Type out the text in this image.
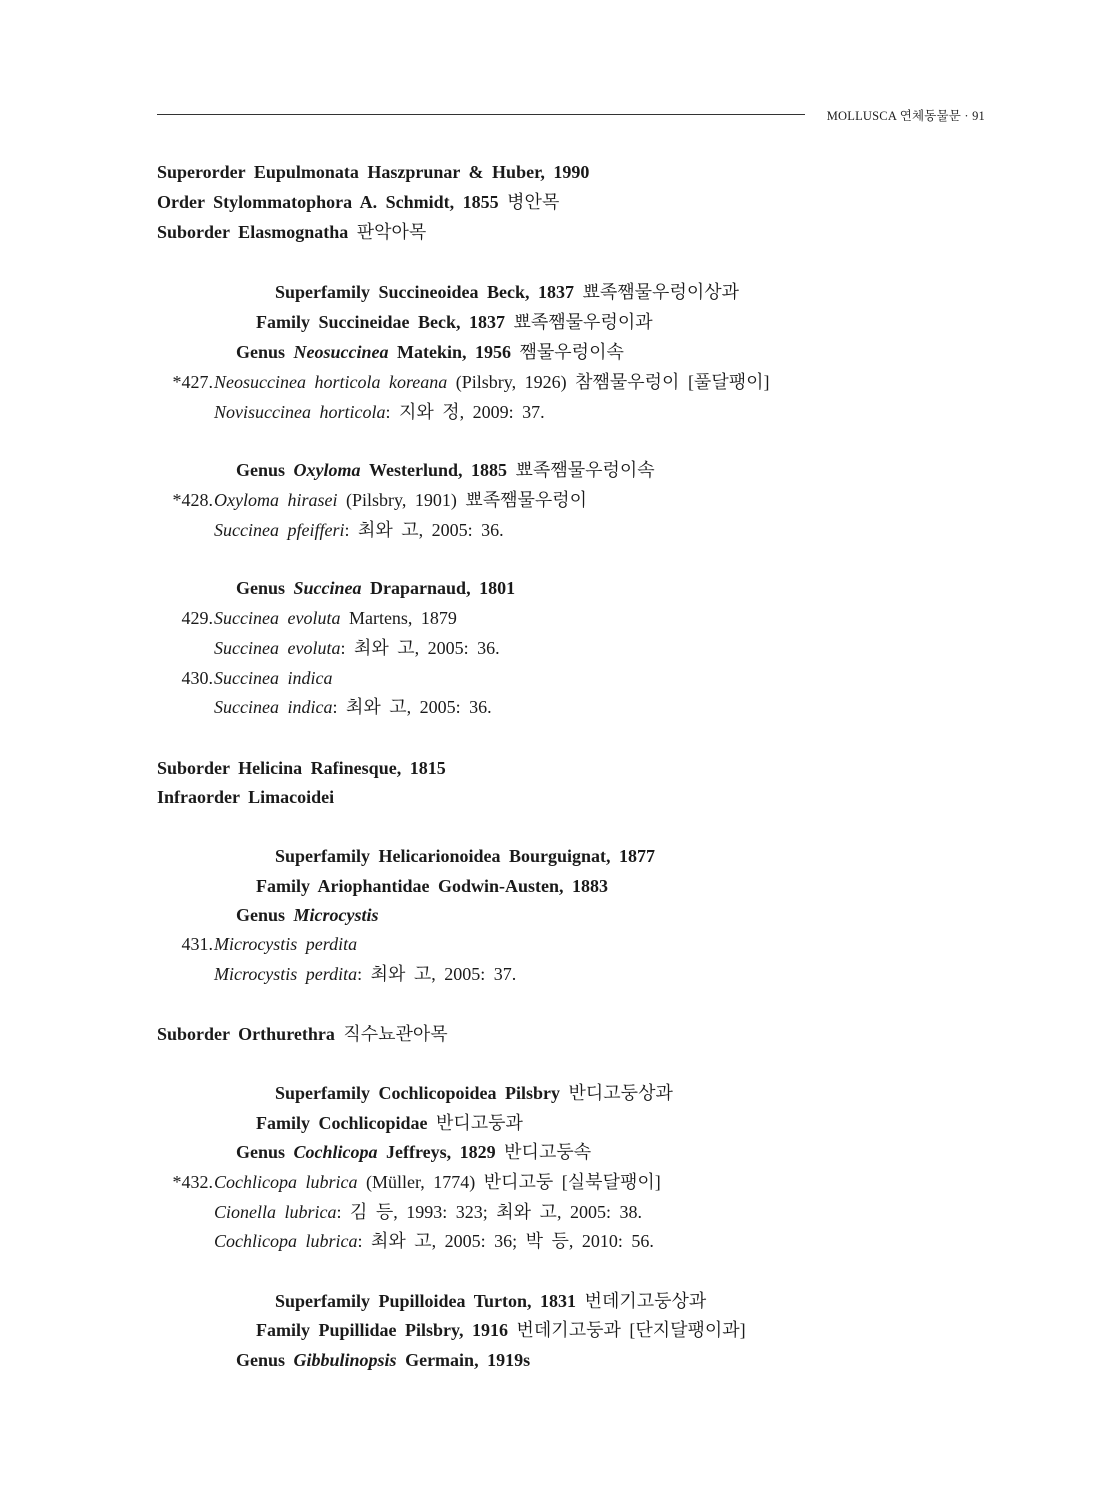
MOLLUSCA 연체동물문 · 91
Superorder Eupulmonata Haszprunar & Huber, 1990
Order Stylommatophora A. Schmidt, 1855 병안목
Suborder Elasmognatha 판악아목
Superfamily Succineoidea Beck, 1837 뾰족쨈물우렁이상과
Family Succineidae Beck, 1837 뾰족쨈물우렁이과
Genus Neosuccinea Matekin, 1956 쨈물우렁이속
*427. Neosuccinea horticola koreana (Pilsbry, 1926) 참쨈물우렁이 [풀달팽이]
Novisuccinea horticola: 지와 정, 2009: 37.
Genus Oxyloma Westerlund, 1885 뾰족쨈물우렁이속
*428. Oxyloma hirasei (Pilsbry, 1901) 뾰족쨈물우렁이
Succinea pfeifferi: 최와 고, 2005: 36.
Genus Succinea Draparnaud, 1801
429. Succinea evoluta Martens, 1879
Succinea evoluta: 최와 고, 2005: 36.
430. Succinea indica
Succinea indica: 최와 고, 2005: 36.
Suborder Helicina Rafinesque, 1815
Infraorder Limacoidei
Superfamily Helicarionoidea Bourguignat, 1877
Family Ariophantidae Godwin-Austen, 1883
Genus Microcystis
431. Microcystis perdita
Microcystis perdita: 최와 고, 2005: 37.
Suborder Orthurethra 직수뇨관아목
Superfamily Cochlicopoidea Pilsbry 반디고둥상과
Family Cochlicopidae 반디고둥과
Genus Cochlicopa Jeffreys, 1829 반디고둥속
*432. Cochlicopa lubrica (Müller, 1774) 반디고둥 [실북달팽이]
Cionella lubrica: 김 등, 1993: 323; 최와 고, 2005: 38.
Cochlicopa lubrica: 최와 고, 2005: 36; 박 등, 2010: 56.
Superfamily Pupilloidea Turton, 1831 번데기고둥상과
Family Pupillidae Pilsbry, 1916 번데기고둥과 [단지달팽이과]
Genus Gibbulinopsis Germain, 1919s
